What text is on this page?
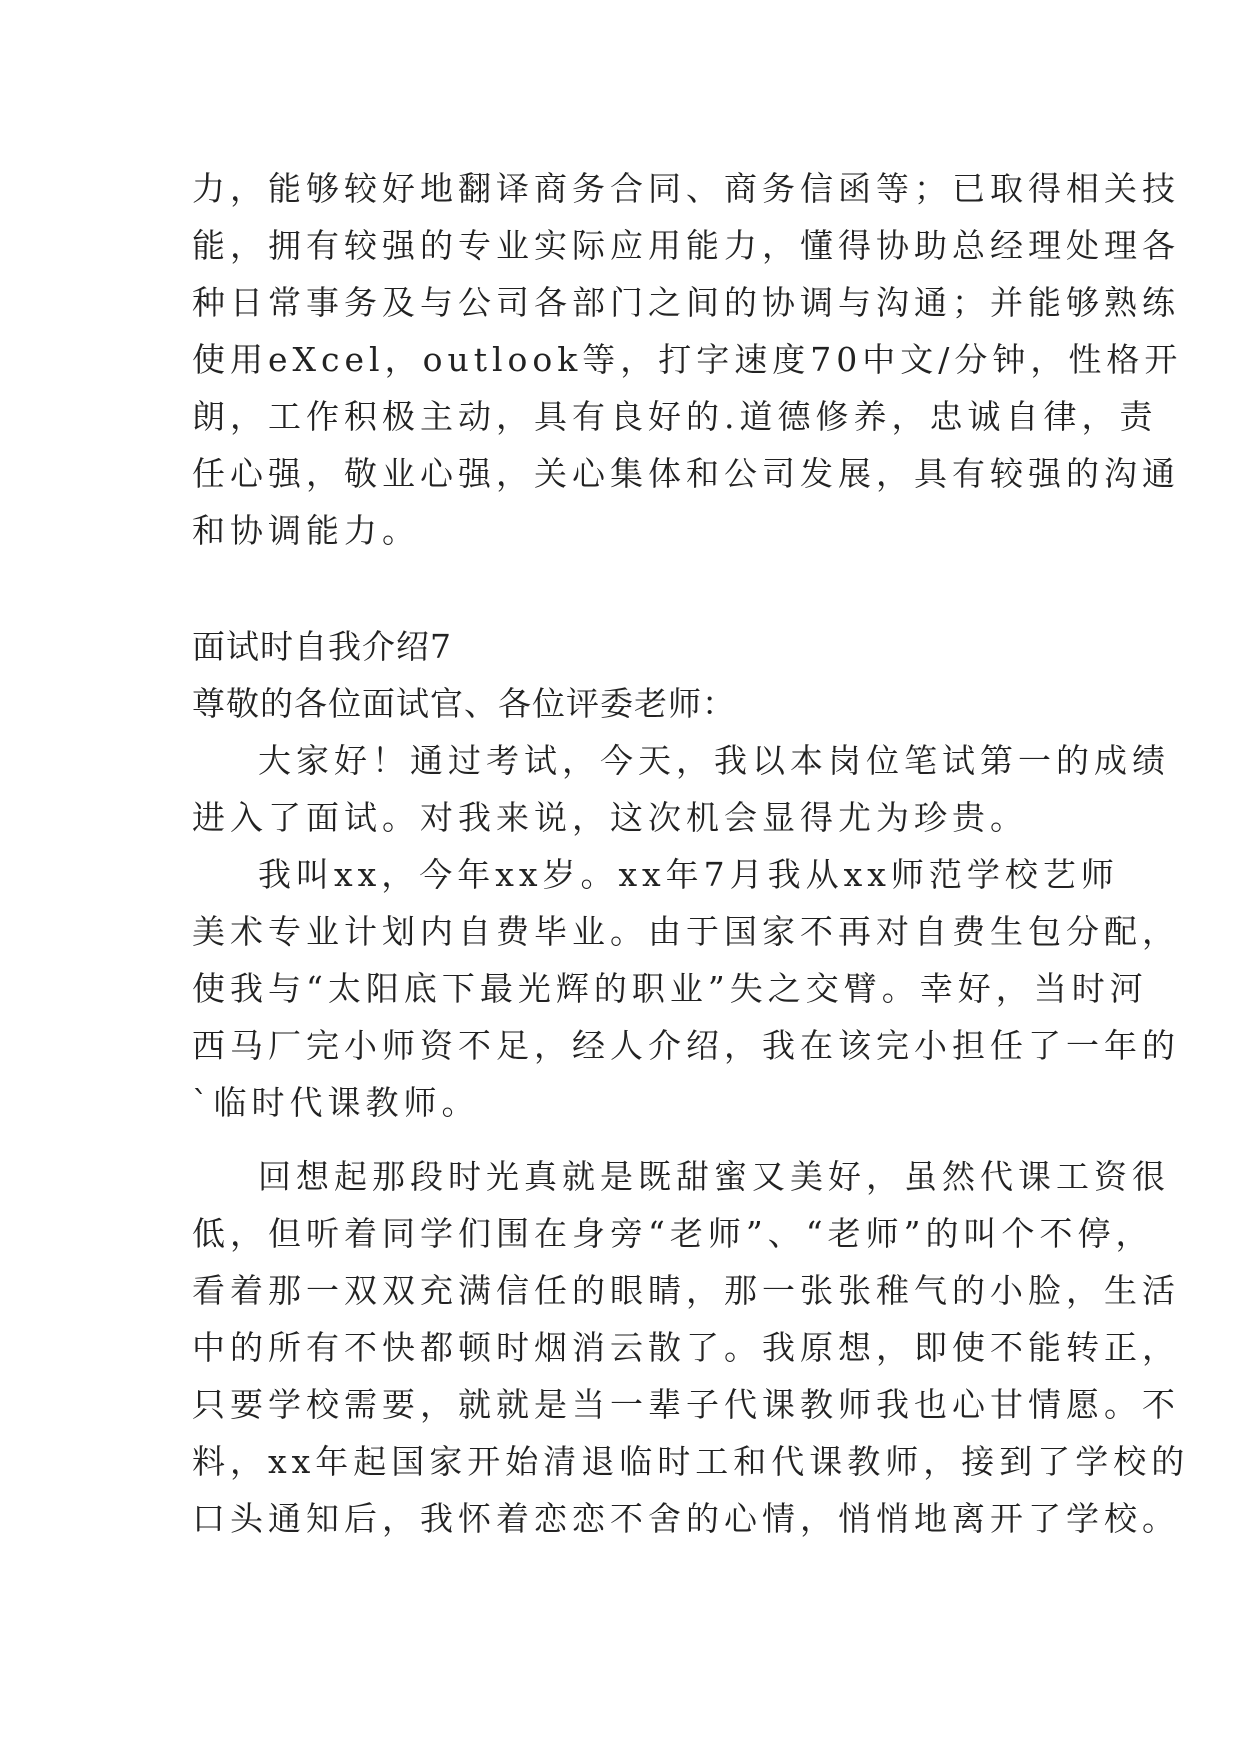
力，能够较好地翻译商务合同、商务信函等；已取得相关技
能，拥有较强的专业实际应用能力，懂得协助总经理处理各
种日常事务及与公司各部门之间的协调与沟通；并能够熟练
使用eXcel，outlook等，打字速度70中文/分钟，性格开
朗，工作积极主动，具有良好的.道德修养，忠诚自律，责
任心强，敬业心强，关心集体和公司发展，具有较强的沟通
和协调能力。
面试时自我介绍7
尊敬的各位面试官、各位评委老师：
大家好！通过考试，今天，我以本岗位笔试第一的成绩
进入了面试。对我来说，这次机会显得尤为珍贵。
我叫xx，今年xx岁。xx年7月我从xx师范学校艺师
美术专业计划内自费毕业。由于国家不再对自费生包分配，
使我与“太阳底下最光辉的职业”失之交臂。幸好，当时河
西马厂完小师资不足，经人介绍，我在该完小担任了一年的
`临时代课教师。
回想起那段时光真就是既甜蜜又美好，虽然代课工资很
低，但听着同学们围在身旁“老师”、“老师”的叫个不停，
看着那一双双充满信任的眼睛，那一张张稚气的小脸，生活
中的所有不快都顿时烟消云散了。我原想，即使不能转正，
只要学校需要，就就是当一辈子代课教师我也心甘情愿。不
料，xx年起国家开始清退临时工和代课教师，接到了学校的
口头通知后，我怀着恋恋不舍的心情，悄悄地离开了学校。
